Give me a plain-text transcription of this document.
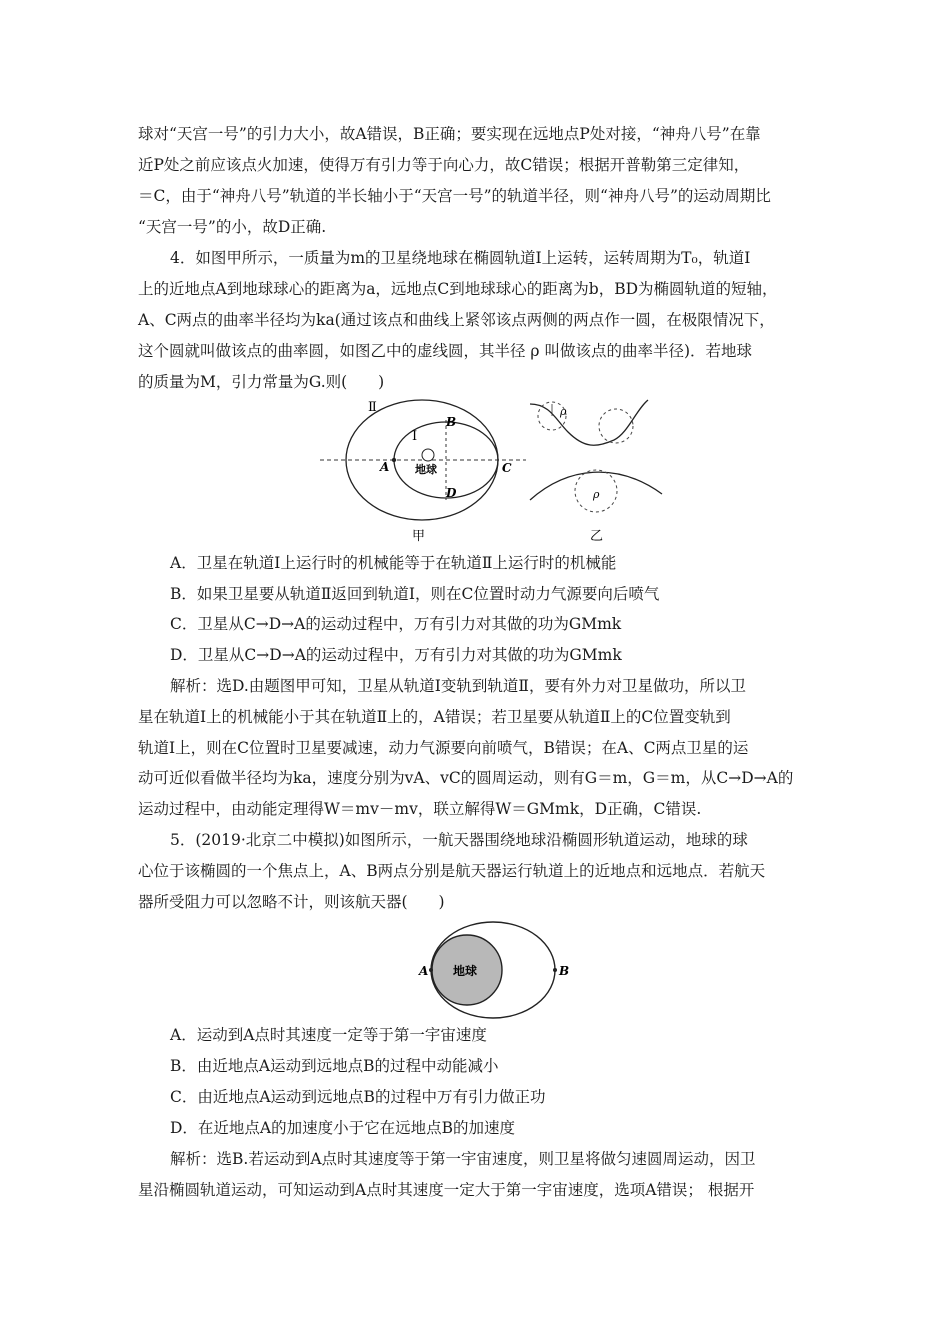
球对“天宫一号”的引力大小，故A错误，B正确；要实现在远地点P处对接，“神舟八号”在靠
近P处之前应该点火加速，使得万有引力等于向心力，故C错误；根据开普勒第三定律知，
＝C，由于“神舟八号”轨道的半长轴小于“天宫一号”的轨道半径，则“神舟八号”的运动周期比
“天宫一号”的小，故D正确.
4．如图甲所示，一质量为m的卫星绕地球在椭圆轨道Ⅰ上运转，运转周期为T₀，轨道Ⅰ
上的近地点A到地球球心的距离为a，远地点C到地球球心的距离为b，BD为椭圆轨道的短轴，
A、C两点的曲率半径均为ka(通过该点和曲线上紧邻该点两侧的两点作一圆，在极限情况下，
这个圆就叫做该点的曲率圆，如图乙中的虚线圆，其半径 ρ 叫做该点的曲率半径)．若地球
的质量为M，引力常量为G.则(　　)
Ⅱ
Ⅰ
A
B
C
D
地球
甲
ρ
ρ
乙
A．卫星在轨道Ⅰ上运行时的机械能等于在轨道Ⅱ上运行时的机械能
B．如果卫星要从轨道Ⅱ返回到轨道Ⅰ，则在C位置时动力气源要向后喷气
C．卫星从C→D→A的运动过程中，万有引力对其做的功为GMmk
D．卫星从C→D→A的运动过程中，万有引力对其做的功为GMmk
解析：选D.由题图甲可知，卫星从轨道Ⅰ变轨到轨道Ⅱ，要有外力对卫星做功，所以卫
星在轨道Ⅰ上的机械能小于其在轨道Ⅱ上的，A错误；若卫星要从轨道Ⅱ上的C位置变轨到
轨道Ⅰ上，则在C位置时卫星要减速，动力气源要向前喷气，B错误；在A、C两点卫星的运
动可近似看做半径均为ka，速度分别为vA、vC的圆周运动，则有G＝m，G＝m，从C→D→A的
运动过程中，由动能定理得W＝mv－mv，联立解得W＝GMmk，D正确，C错误.
5．(2019·北京二中模拟)如图所示，一航天器围绕地球沿椭圆形轨道运动，地球的球
心位于该椭圆的一个焦点上，A、B两点分别是航天器运行轨道上的近地点和远地点．若航天
器所受阻力可以忽略不计，则该航天器(　　)
地球
A	B
A．运动到A点时其速度一定等于第一宇宙速度
B．由近地点A运动到远地点B的过程中动能减小
C．由近地点A运动到远地点B的过程中万有引力做正功
D．在近地点A的加速度小于它在远地点B的加速度
解析：选B.若运动到A点时其速度等于第一宇宙速度，则卫星将做匀速圆周运动，因卫
星沿椭圆轨道运动，可知运动到A点时其速度一定大于第一宇宙速度，选项A错误； 根据开
